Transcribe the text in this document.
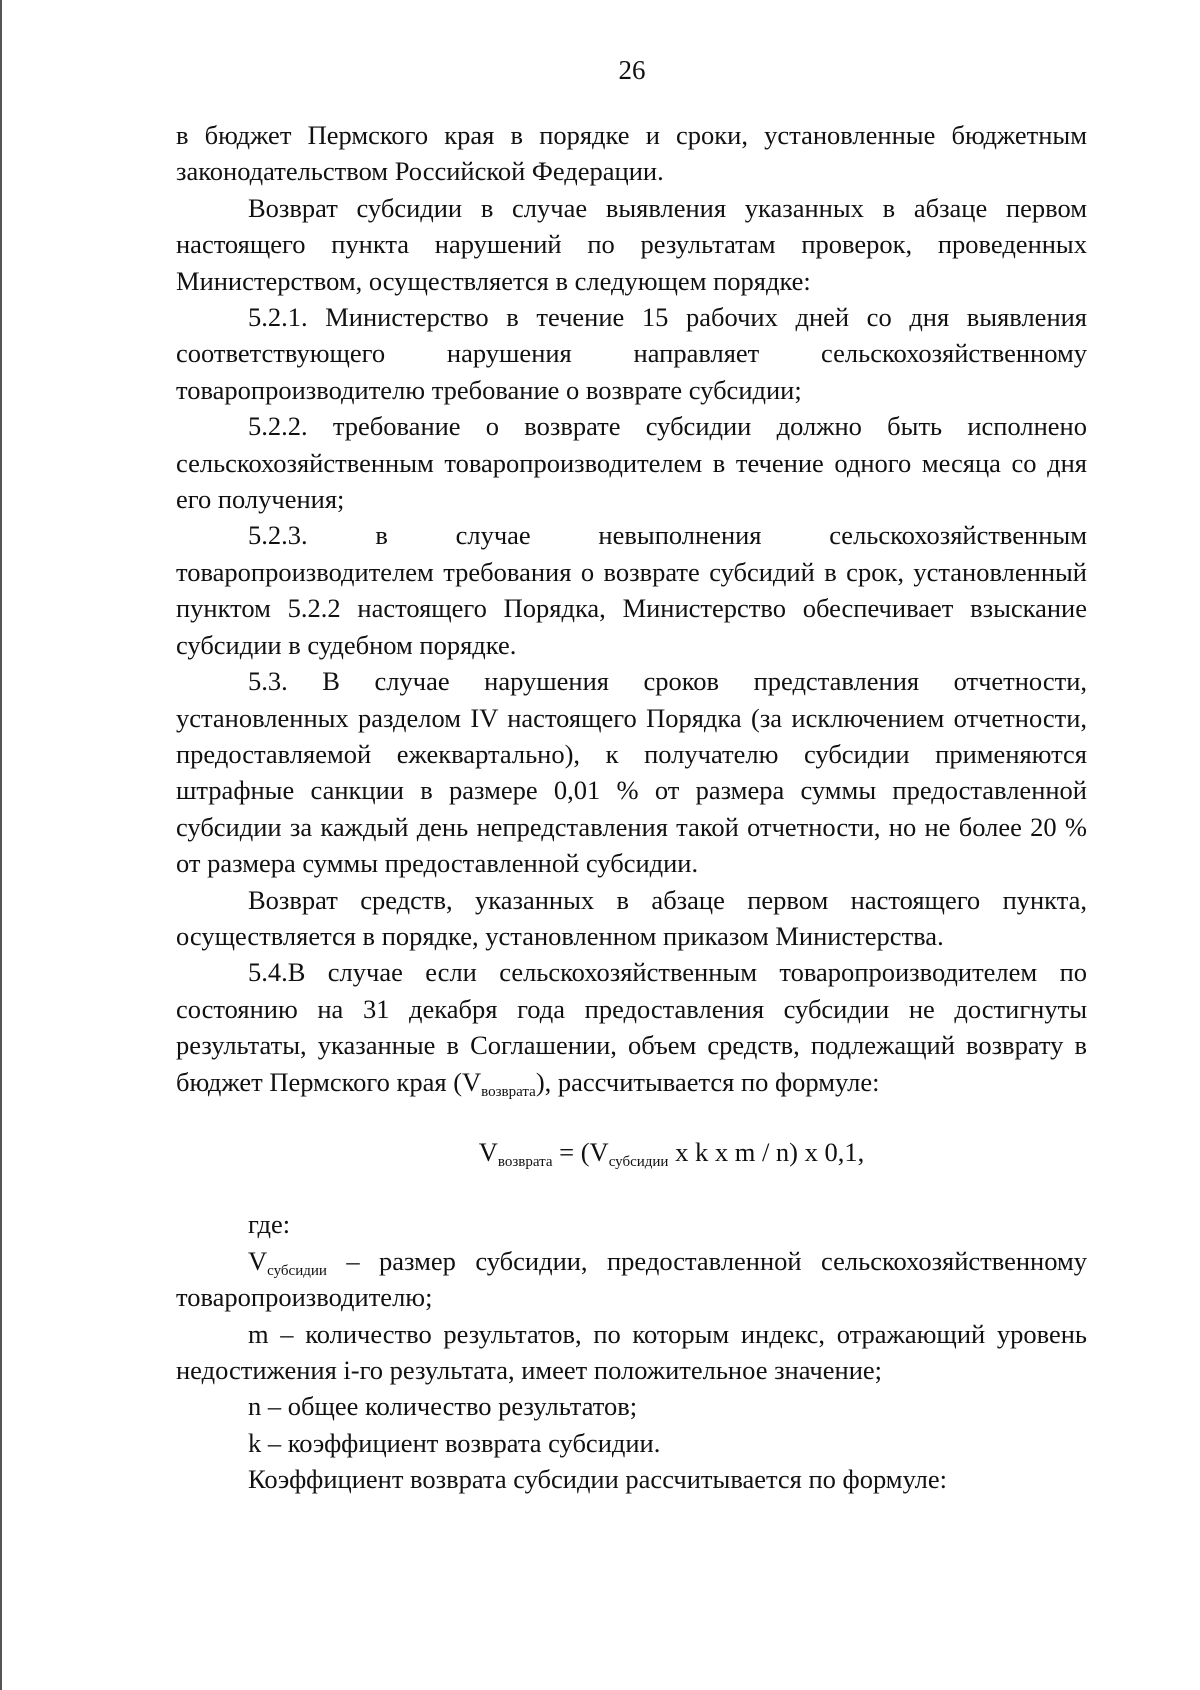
26

в бюджет Пермского края в порядке и сроки, установленные бюджетным законодательством Российской Федерации.

Возврат субсидии в случае выявления указанных в абзаце первом настоящего пункта нарушений по результатам проверок, проведенных Министерством, осуществляется в следующем порядке:

5.2.1. Министерство в течение 15 рабочих дней со дня выявления соответствующего нарушения направляет сельскохозяйственному товаропроизводителю требование о возврате субсидии;

5.2.2. требование о возврате субсидии должно быть исполнено сельскохозяйственным товаропроизводителем в течение одного месяца со дня его получения;

5.2.3. в случае невыполнения сельскохозяйственным товаропроизводителем требования о возврате субсидий в срок, установленный пунктом 5.2.2 настоящего Порядка, Министерство обеспечивает взыскание субсидии в судебном порядке.

5.3. В случае нарушения сроков представления отчетности, установленных разделом IV настоящего Порядка (за исключением отчетности, предоставляемой ежеквартально), к получателю субсидии применяются штрафные санкции в размере 0,01 % от размера суммы предоставленной субсидии за каждый день непредставления такой отчетности, но не более 20 % от размера суммы предоставленной субсидии.

Возврат средств, указанных в абзаце первом настоящего пункта, осуществляется в порядке, установленном приказом Министерства.

5.4.В случае если сельскохозяйственным товаропроизводителем по состоянию на 31 декабря года предоставления субсидии не достигнуты результаты, указанные в Соглашении, объем средств, подлежащий возврату в бюджет Пермского края $(V_{возврата})$, рассчитывается по формуле:

$V_{возврата} = (V_{субсидии}$ x k x m / n) x 0,1,

где:

$V_{субсидии}$ – размер субсидии, предоставленной сельскохозяйственному товаропроизводителю;

m – количество результатов, по которым индекс, отражающий уровень недостижения i-го результата, имеет положительное значение;

n – общее количество результатов;

k – коэффициент возврата субсидии.

Коэффициент возврата субсидии рассчитывается по формуле:
